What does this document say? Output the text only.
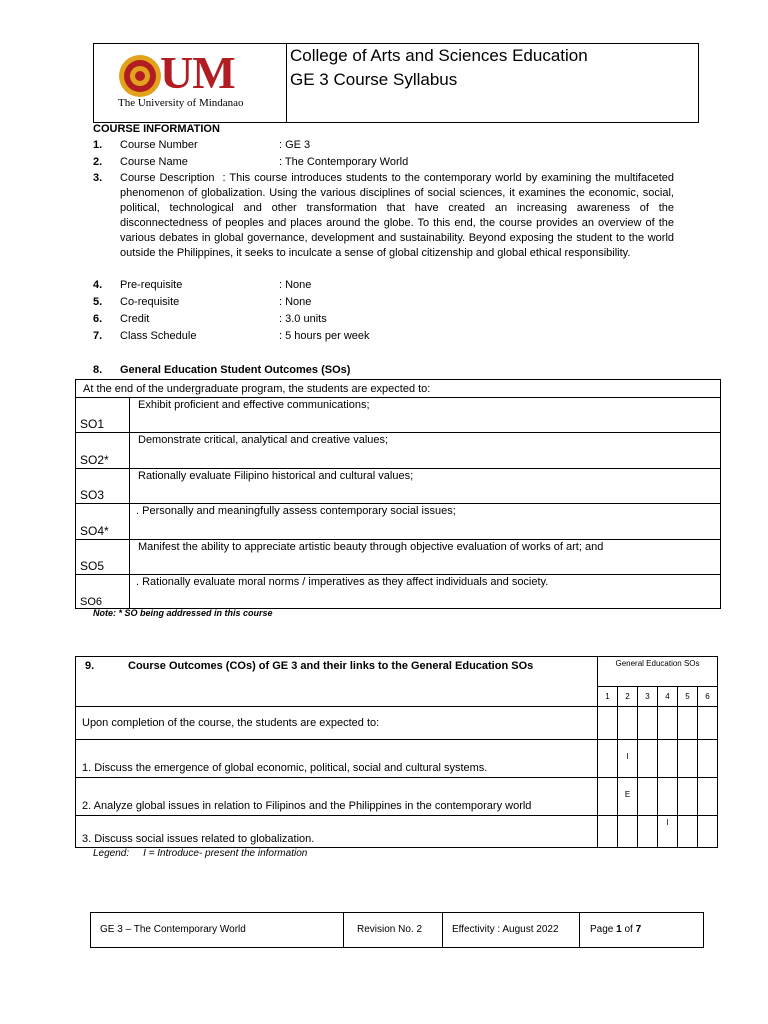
UM
The University of Mindanao
College of Arts and Sciences Education
GE 3 Course Syllabus
COURSE INFORMATION
1. Course Number	: GE 3
2. Course Name	: The Contemporary World
3. Course Description : This course introduces students to the contemporary world by examining the multifaceted phenomenon of globalization. Using the various disciplines of social sciences, it examines the economic, social, political, technological and other transformation that have created an increasing awareness of the disconnectedness of peoples and places around the globe. To this end, the course provides an overview of the various debates in global governance, development and sustainability. Beyond exposing the student to the world outside the Philippines, it seeks to inculcate a sense of global citizenship and global ethical responsibility.
4. Pre-requisite	: None
5. Co-requisite	: None
6. Credit	: 3.0 units
7. Class Schedule	: 5 hours per week
8. General Education Student Outcomes (SOs)
At the end of the undergraduate program, the students are expected to:	
SO1	Exhibit proficient and effective communications;
SO2*	Demonstrate critical, analytical and creative values;
SO3	Rationally evaluate Filipino historical and cultural values;
SO4*	. Personally and meaningfully assess contemporary social issues;
SO5	Manifest the ability to appreciate artistic beauty through objective evaluation of works of art; and
SO6	. Rationally evaluate moral norms / imperatives as they affect individuals and society.
Note: * SO being addressed in this course
9. Course Outcomes (COs) of GE 3 and their links to the General Education SOs	General Education SOs					
	1	2	3	4	5	6
Upon completion of the course, the students are expected to:						
1. Discuss the emergence of global economic, political, social and cultural systems.		I				
2. Analyze global issues in relation to Filipinos and the Philippines in the contemporary world		E				
3. Discuss social issues related to globalization.				I		
Legend: I = Introduce- present the information
GE 3 – The Contemporary World	Revision No. 2	Effectivity : August 2022	Page 1 of 7
